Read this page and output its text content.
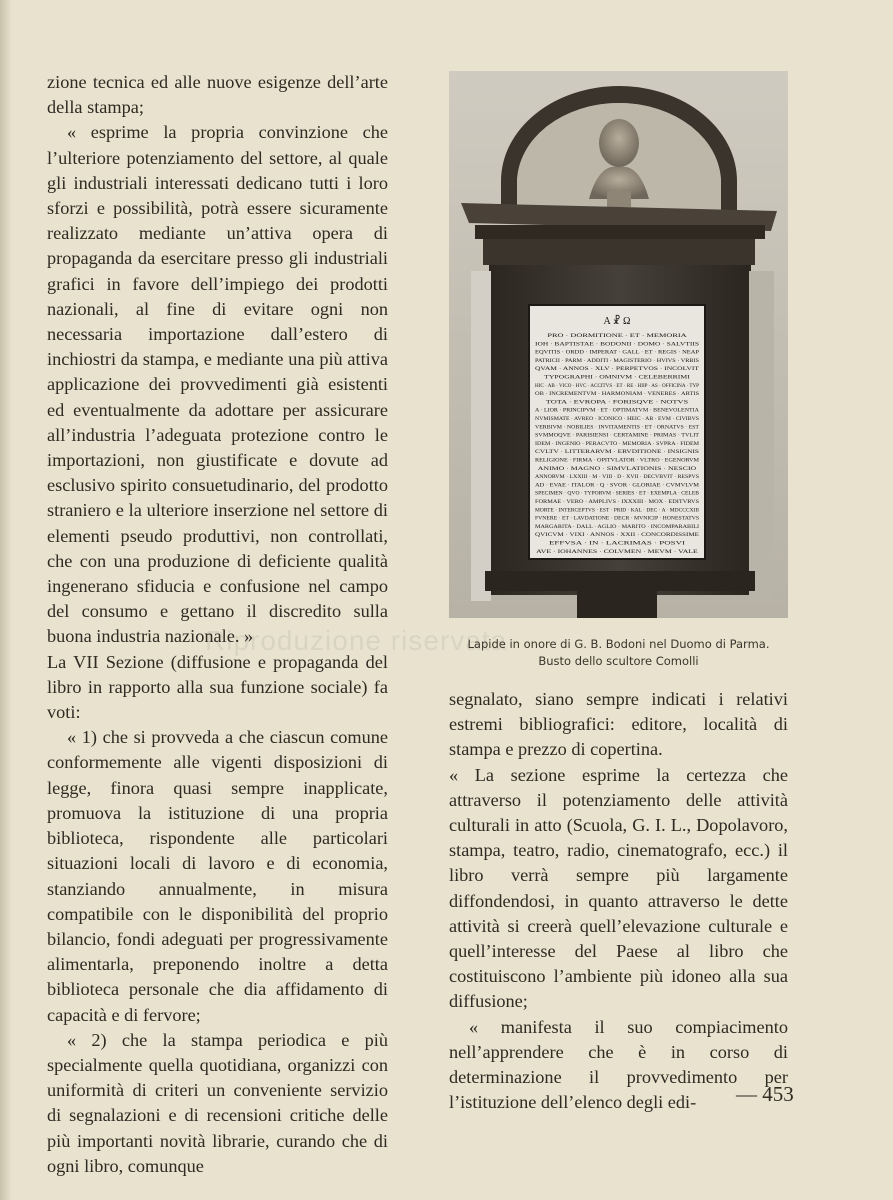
Riproduzione riservata

zione tecnica ed alle nuove esigenze dell’arte della stampa;

« esprime la propria convinzione che l’ulteriore potenziamento del settore, al quale gli industriali interessati dedicano tutti i loro sforzi e possibilità, potrà essere sicuramente realizzato mediante un’attiva opera di propaganda da esercitare presso gli industriali grafici in favore dell’impiego dei prodotti nazionali, al fine di evitare ogni non necessaria importazione dall’estero di inchiostri da stampa, e mediante una più attiva applicazione dei provvedimenti già esistenti ed eventualmente da adottare per assicurare all’industria l’adeguata protezione contro le importazioni, non giustificate e dovute ad esclusivo spirito consuetudinario, del prodotto straniero e la ulteriore inserzione nel settore di elementi pseudo produttivi, non controllati, che con una produzione di deficiente qualità ingenerano sfiducia e confusione nel campo del consumo e gettano il discredito sulla buona industria nazionale. »

La VII Sezione (diffusione e propaganda del libro in rapporto alla sua funzione sociale) fa voti:

« 1) che si provveda a che ciascun comune conformemente alle vigenti disposizioni di legge, finora quasi sempre inapplicate, promuova la istituzione di una propria biblioteca, rispondente alle particolari situazioni locali di lavoro e di economia, stanziando annualmente, in misura compatibile con le disponibilità del proprio bilancio, fondi adeguati per progressivamente alimentarla, preponendo inoltre a detta biblioteca personale che dia affidamento di capacità e di fervore;

« 2) che la stampa periodica e più specialmente quella quotidiana, organizzi con uniformità di criteri un conveniente servizio di segnalazioni e di recensioni critiche delle più importanti novità librarie, curando che di ogni libro, comunque

PRO · DORMITIONE · ET · MEMORIA
IOH · BAPTISTAE · BODONII · DOMO · SALVTIIS
EQVITIS · ORDD · IMPERAT · GALL · ET · REGIS · NEAP
PATRICII · PARM · ADDITI · MAGISTERIO · HVIVS · VRBIS
QVAM · ANNOS · XLV · PERPETVOS · INCOLVIT
TYPOGRAPHI · OMNIVM · CELEBERRIMI
HIC · AB · VICO · HVC · ACCITVS · ET · RE · HIIP · AS · OFFICINA · TYP
OB · INCREMENTVM · HARMONIAM · VENERES · ARTIS
TOTA · EVROPA · FORISQVE · NOTVS
A · LIOR · PRINCIPVM · ET · OPTIMATVM · BENEVOLENTIA
NVMISMATE · AVREO · ICONICO · HEIC · AB · EVM · CIVIBVS
VERBIVM · NOBILIES · INVITAMENTIS · ET · ORNATVS · EST
SVMMOQVE · PARISIENSI · CERTAMINE · PRIMAS · TVLIT
IDEM · INGENIO · PERACVTO · MEMORIA · SVPRA · FIDEM
CVLTV · LITTERARVM · ERVDITIONE · INSIGNIS
RELIGIONE · FIRMA · OPITVLATOR · VLTRO · EGENORVM
ANIMO · MAGNO · SIMVLATIONIS · NESCIO
ANNORVM · LXXIII · M · VIII · D · XVII · DECVBVIT · RESPVS
AD · EVAE · ITALOR · Q · SVOR · GLORIAE · CVMVLVM
SPECIMEN · QVO · TYPORVM · SERIES · ET · EXEMPLA · CELEB
FORMAE · VERO · AMPLIVS · IXXXIII · MOX · EDITVRVS
MORTE · INTERCEPTVS · EST · PRID · KAL · DEC · A · MDCCCXIII
FVNERE · ET · LAVDATIONE · DECR · MVNICIP · HONESTATVS
MARGARITA · DALL · AGLIO · MARITO · INCOMPARABILI
QVICVM · VIXI · ANNOS · XXII · CONCORDISSIME
EFFVSA · IN · LACRIMAS · POSVI
AVE · IOHANNES · COLVMEN · MEVM · VALE
A ☧ Ω
Lapide in onore di G. B. Bodoni nel Duomo di Parma.
Busto dello scultore Comolli

segnalato, siano sempre indicati i relativi estremi bibliografici: editore, località di stampa e prezzo di copertina.

« La sezione esprime la certezza che attraverso il potenziamento delle attività culturali in atto (Scuola, G. I. L., Dopolavoro, stampa, teatro, radio, cinematografo, ecc.) il libro verrà sempre più largamente diffondendosi, in quanto attraverso le dette attività si creerà quell’elevazione culturale e quell’interesse del Paese al libro che costituiscono l’ambiente più idoneo alla sua diffusione;

« manifesta il suo compiacimento nell’apprendere che è in corso di determinazione il provvedimento per l’istituzione dell’elenco degli edi-	— 453
